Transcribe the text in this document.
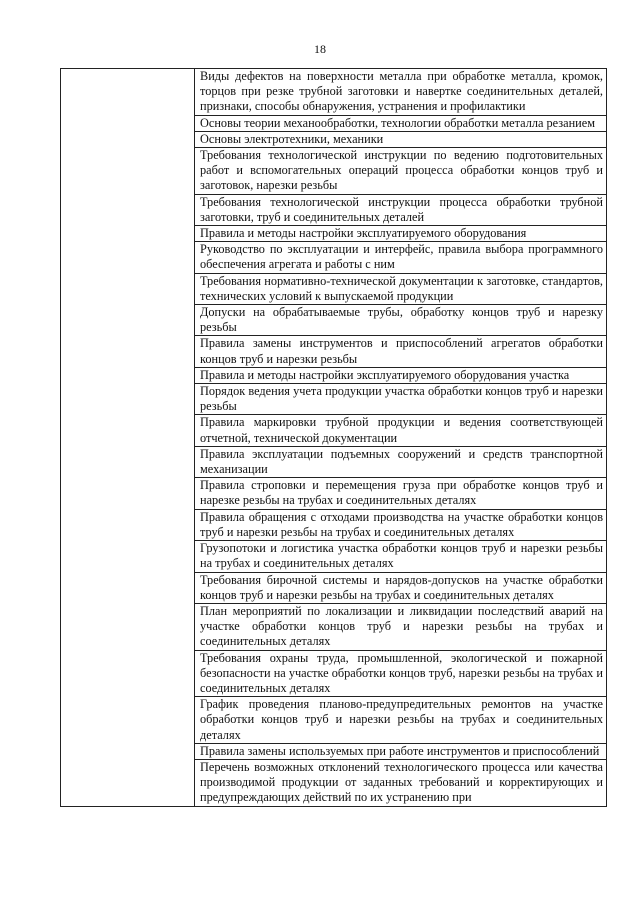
18

Виды дефектов на поверхности металла при обработке металла, кромок, торцов при резке трубной заготовки и навертке соединительных деталей, признаки, способы обнаружения, устранения и профилактики

Основы теории механообработки, технологии обработки металла резанием

Основы электротехники, механики

Требования технологической инструкции по ведению подготовительных работ и вспомогательных операций процесса обработки концов труб и заготовок, нарезки резьбы

Требования технологической инструкции процесса обработки трубной заготовки, труб и соединительных деталей

Правила и методы настройки эксплуатируемого оборудования

Руководство по эксплуатации и интерфейс, правила выбора программного обеспечения агрегата и работы с ним

Требования нормативно-технической документации к заготовке, стандартов, технических условий к выпускаемой продукции

Допуски на обрабатываемые трубы, обработку концов труб и нарезку резьбы

Правила замены инструментов и приспособлений агрегатов обработки концов труб и нарезки резьбы

Правила и методы настройки эксплуатируемого оборудования участка

Порядок ведения учета продукции участка обработки концов труб и нарезки резьбы

Правила маркировки трубной продукции и ведения соответствующей отчетной, технической документации

Правила эксплуатации подъемных сооружений и средств транспортной механизации

Правила строповки и перемещения груза при обработке концов труб и нарезке резьбы на трубах и соединительных деталях

Правила обращения с отходами производства на участке обработки концов труб и нарезки резьбы на трубах и соединительных деталях

Грузопотоки и логистика участка обработки концов труб и нарезки резьбы на трубах и соединительных деталях

Требования бирочной системы и нарядов-допусков на участке обработки концов труб и нарезки резьбы на трубах и соединительных деталях

План мероприятий по локализации и ликвидации последствий аварий на участке обработки концов труб и нарезки резьбы на трубах и соединительных деталях

Требования охраны труда, промышленной, экологической и пожарной безопасности на участке обработки концов труб, нарезки резьбы на трубах и соединительных деталях

График проведения планово-предупредительных ремонтов на участке обработки концов труб и нарезки резьбы на трубах и соединительных деталях

Правила замены используемых при работе инструментов и приспособлений

Перечень возможных отклонений технологического процесса или качества производимой продукции от заданных требований и корректирующих и предупреждающих действий по их устранению при
